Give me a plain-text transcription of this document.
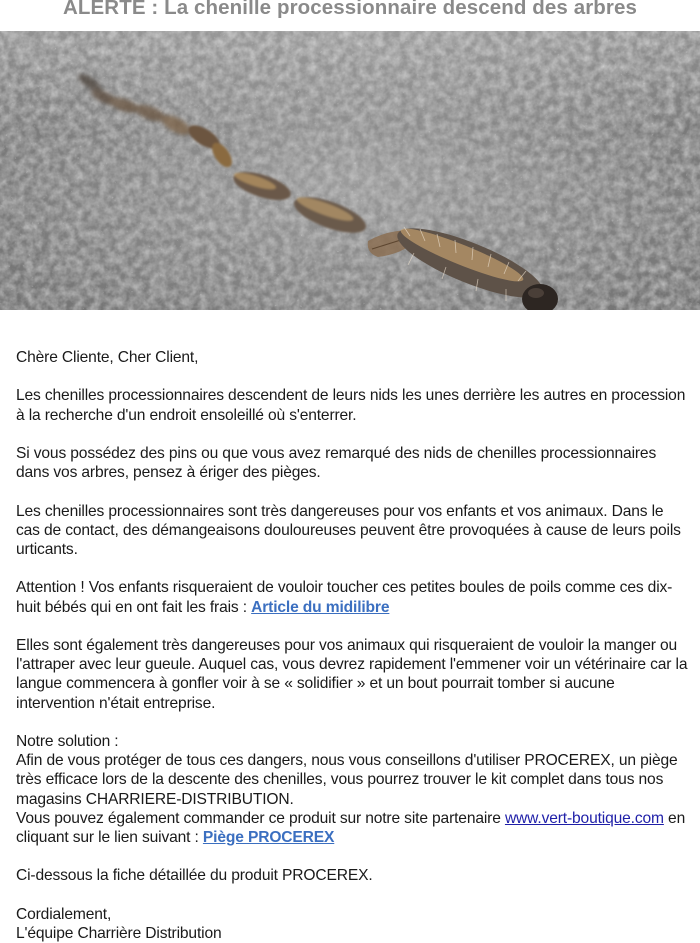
ALERTE : La chenille processionnaire descend des arbres

Chère Cliente, Cher Client,

Les chenilles processionnaires descendent de leurs nids les unes derrière les autres en procession à la recherche d'un endroit ensoleillé où s'enterrer.

Si vous possédez des pins ou que vous avez remarqué des nids de chenilles processionnaires dans vos arbres, pensez à ériger des pièges.

Les chenilles processionnaires sont très dangereuses pour vos enfants et vos animaux. Dans le cas de contact, des démangeaisons douloureuses peuvent être provoquées à cause de leurs poils urticants.

Attention ! Vos enfants risqueraient de vouloir toucher ces petites boules de poils comme ces dix-huit bébés qui en ont fait les frais : Article du midilibre

Elles sont également très dangereuses pour vos animaux qui risqueraient de vouloir la manger ou l'attraper avec leur gueule. Auquel cas, vous devrez rapidement l'emmener voir un vétérinaire car la langue commencera à gonfler voir à se « solidifier » et un bout pourrait tomber si aucune intervention n'était entreprise.

Notre solution :

Afin de vous protéger de tous ces dangers, nous vous conseillons d'utiliser PROCEREX, un piège très efficace lors de la descente des chenilles, vous pourrez trouver le kit complet dans tous nos magasins CHARRIERE-DISTRIBUTION.

Vous pouvez également commander ce produit sur notre site partenaire www.vert-boutique.com en cliquant sur le lien suivant : Piège PROCEREX

Ci-dessous la fiche détaillée du produit PROCEREX.

Cordialement,

L'équipe Charrière Distribution
